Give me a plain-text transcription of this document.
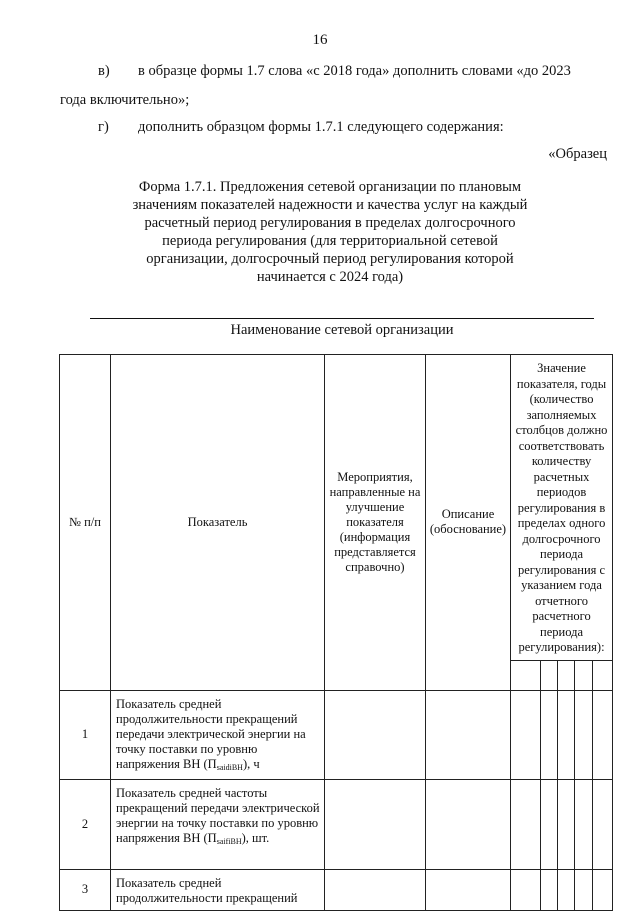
16
в) в образце формы 1.7 слова «с 2018 года» дополнить словами «до 2023
года включительно»;
г) дополнить образцом формы 1.7.1 следующего содержания:
«Образец
Форма 1.7.1. Предложения сетевой организации по плановым
значениям показателей надежности и качества услуг на каждый
расчетный период регулирования в пределах долгосрочного
периода регулирования (для территориальной сетевой
организации, долгосрочный период регулирования которой
начинается с 2024 года)
Наименование сетевой организации
№ п/п	Показатель	Мероприятия, направленные на улучшение показателя (информация представляется справочно)	Описание (обоснование)	Значение показателя, годы (количество заполняемых столбцов должно соответствовать количеству расчетных периодов регулирования в пределах одного долгосрочного периода регулирования с указанием года отчетного расчетного периода регулирования):				

1	Показатель средней продолжительности прекращений передачи электрической энергии на точку поставки по уровню напряжения ВН $(П_{saidiВН})$, ч							
2	Показатель средней частоты прекращений передачи электрической энергии на точку поставки по уровню напряжения ВН $(П_{saifiВН})$, шт.							
3	Показатель средней продолжительности прекращений							
